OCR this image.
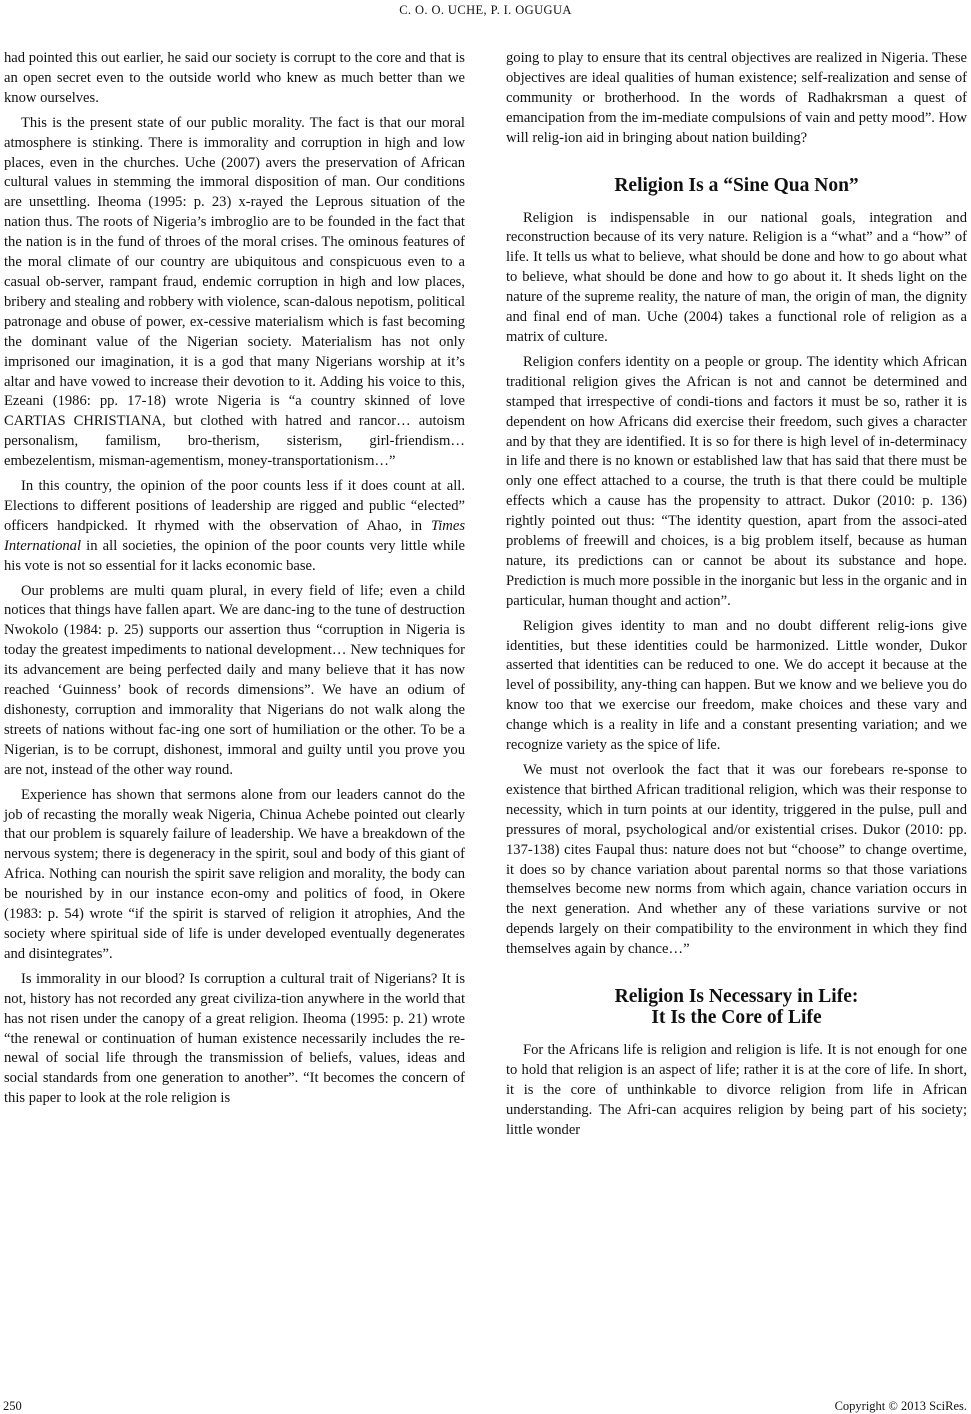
C. O. O. UCHE, P. I. OGUGUA

had pointed this out earlier, he said our society is corrupt to the core and that is an open secret even to the outside world who knew as much better than we know ourselves.

This is the present state of our public morality. The fact is that our moral atmosphere is stinking. There is immorality and corruption in high and low places, even in the churches. Uche (2007) avers the preservation of African cultural values in stemming the immoral disposition of man. Our conditions are unsettling. Iheoma (1995: p. 23) x-rayed the Leprous situation of the nation thus. The roots of Nigeria’s imbroglio are to be founded in the fact that the nation is in the fund of throes of the moral crises. The ominous features of the moral climate of our country are ubiquitous and conspicuous even to a casual ob-server, rampant fraud, endemic corruption in high and low places, bribery and stealing and robbery with violence, scan-dalous nepotism, political patronage and obuse of power, ex-cessive materialism which is fast becoming the dominant value of the Nigerian society. Materialism has not only imprisoned our imagination, it is a god that many Nigerians worship at it’s altar and have vowed to increase their devotion to it. Adding his voice to this, Ezeani (1986: pp. 17-18) wrote Nigeria is “a country skinned of love CARTIAS CHRISTIANA, but clothed with hatred and rancor… autoism personalism, familism, bro-therism, sisterism, girl-friendism… embezelentism, misman-agementism, money-transportationism…”

In this country, the opinion of the poor counts less if it does count at all. Elections to different positions of leadership are rigged and public “elected” officers handpicked. It rhymed with the observation of Ahao, in Times International in all societies, the opinion of the poor counts very little while his vote is not so essential for it lacks economic base.

Our problems are multi quam plural, in every field of life; even a child notices that things have fallen apart. We are danc-ing to the tune of destruction Nwokolo (1984: p. 25) supports our assertion thus “corruption in Nigeria is today the greatest impediments to national development… New techniques for its advancement are being perfected daily and many believe that it has now reached ‘Guinness’ book of records dimensions”. We have an odium of dishonesty, corruption and immorality that Nigerians do not walk along the streets of nations without fac-ing one sort of humiliation or the other. To be a Nigerian, is to be corrupt, dishonest, immoral and guilty until you prove you are not, instead of the other way round.

Experience has shown that sermons alone from our leaders cannot do the job of recasting the morally weak Nigeria, Chinua Achebe pointed out clearly that our problem is squarely failure of leadership. We have a breakdown of the nervous system; there is degeneracy in the spirit, soul and body of this giant of Africa. Nothing can nourish the spirit save religion and morality, the body can be nourished by in our instance econ-omy and politics of food, in Okere (1983: p. 54) wrote “if the spirit is starved of religion it atrophies, And the society where spiritual side of life is under developed eventually degenerates and disintegrates”.

Is immorality in our blood? Is corruption a cultural trait of Nigerians? It is not, history has not recorded any great civiliza-tion anywhere in the world that has not risen under the canopy of a great religion. Iheoma (1995: p. 21) wrote “the renewal or continuation of human existence necessarily includes the re-newal of social life through the transmission of beliefs, values, ideas and social standards from one generation to another”. “It becomes the concern of this paper to look at the role religion is

going to play to ensure that its central objectives are realized in Nigeria. These objectives are ideal qualities of human existence; self-realization and sense of community or brotherhood. In the words of Radhakrsman a quest of emancipation from the im-mediate compulsions of vain and petty mood”. How will relig-ion aid in bringing about nation building?

Religion Is a “Sine Qua Non”

Religion is indispensable in our national goals, integration and reconstruction because of its very nature. Religion is a “what” and a “how” of life. It tells us what to believe, what should be done and how to go about what to believe, what should be done and how to go about it. It sheds light on the nature of the supreme reality, the nature of man, the origin of man, the dignity and final end of man. Uche (2004) takes a functional role of religion as a matrix of culture.

Religion confers identity on a people or group. The identity which African traditional religion gives the African is not and cannot be determined and stamped that irrespective of condi-tions and factors it must be so, rather it is dependent on how Africans did exercise their freedom, such gives a character and by that they are identified. It is so for there is high level of in-determinacy in life and there is no known or established law that has said that there must be only one effect attached to a course, the truth is that there could be multiple effects which a cause has the propensity to attract. Dukor (2010: p. 136) rightly pointed out thus: “The identity question, apart from the associ-ated problems of freewill and choices, is a big problem itself, because as human nature, its predictions can or cannot be about its substance and hope. Prediction is much more possible in the inorganic but less in the organic and in particular, human thought and action”.

Religion gives identity to man and no doubt different relig-ions give identities, but these identities could be harmonized. Little wonder, Dukor asserted that identities can be reduced to one. We do accept it because at the level of possibility, any-thing can happen. But we know and we believe you do know too that we exercise our freedom, make choices and these vary and change which is a reality in life and a constant presenting variation; and we recognize variety as the spice of life.

We must not overlook the fact that it was our forebears re-sponse to existence that birthed African traditional religion, which was their response to necessity, which in turn points at our identity, triggered in the pulse, pull and pressures of moral, psychological and/or existential crises. Dukor (2010: pp. 137-138) cites Faupal thus: nature does not but “choose” to change overtime, it does so by chance variation about parental norms so that those variations themselves become new norms from which again, chance variation occurs in the next generation. And whether any of these variations survive or not depends largely on their compatibility to the environment in which they find themselves again by chance…”

Religion Is Necessary in Life:
It Is the Core of Life

For the Africans life is religion and religion is life. It is not enough for one to hold that religion is an aspect of life; rather it is at the core of life. In short, it is the core of unthinkable to divorce religion from life in African understanding. The Afri-can acquires religion by being part of his society; little wonder

250	Copyright © 2013 SciRes.
